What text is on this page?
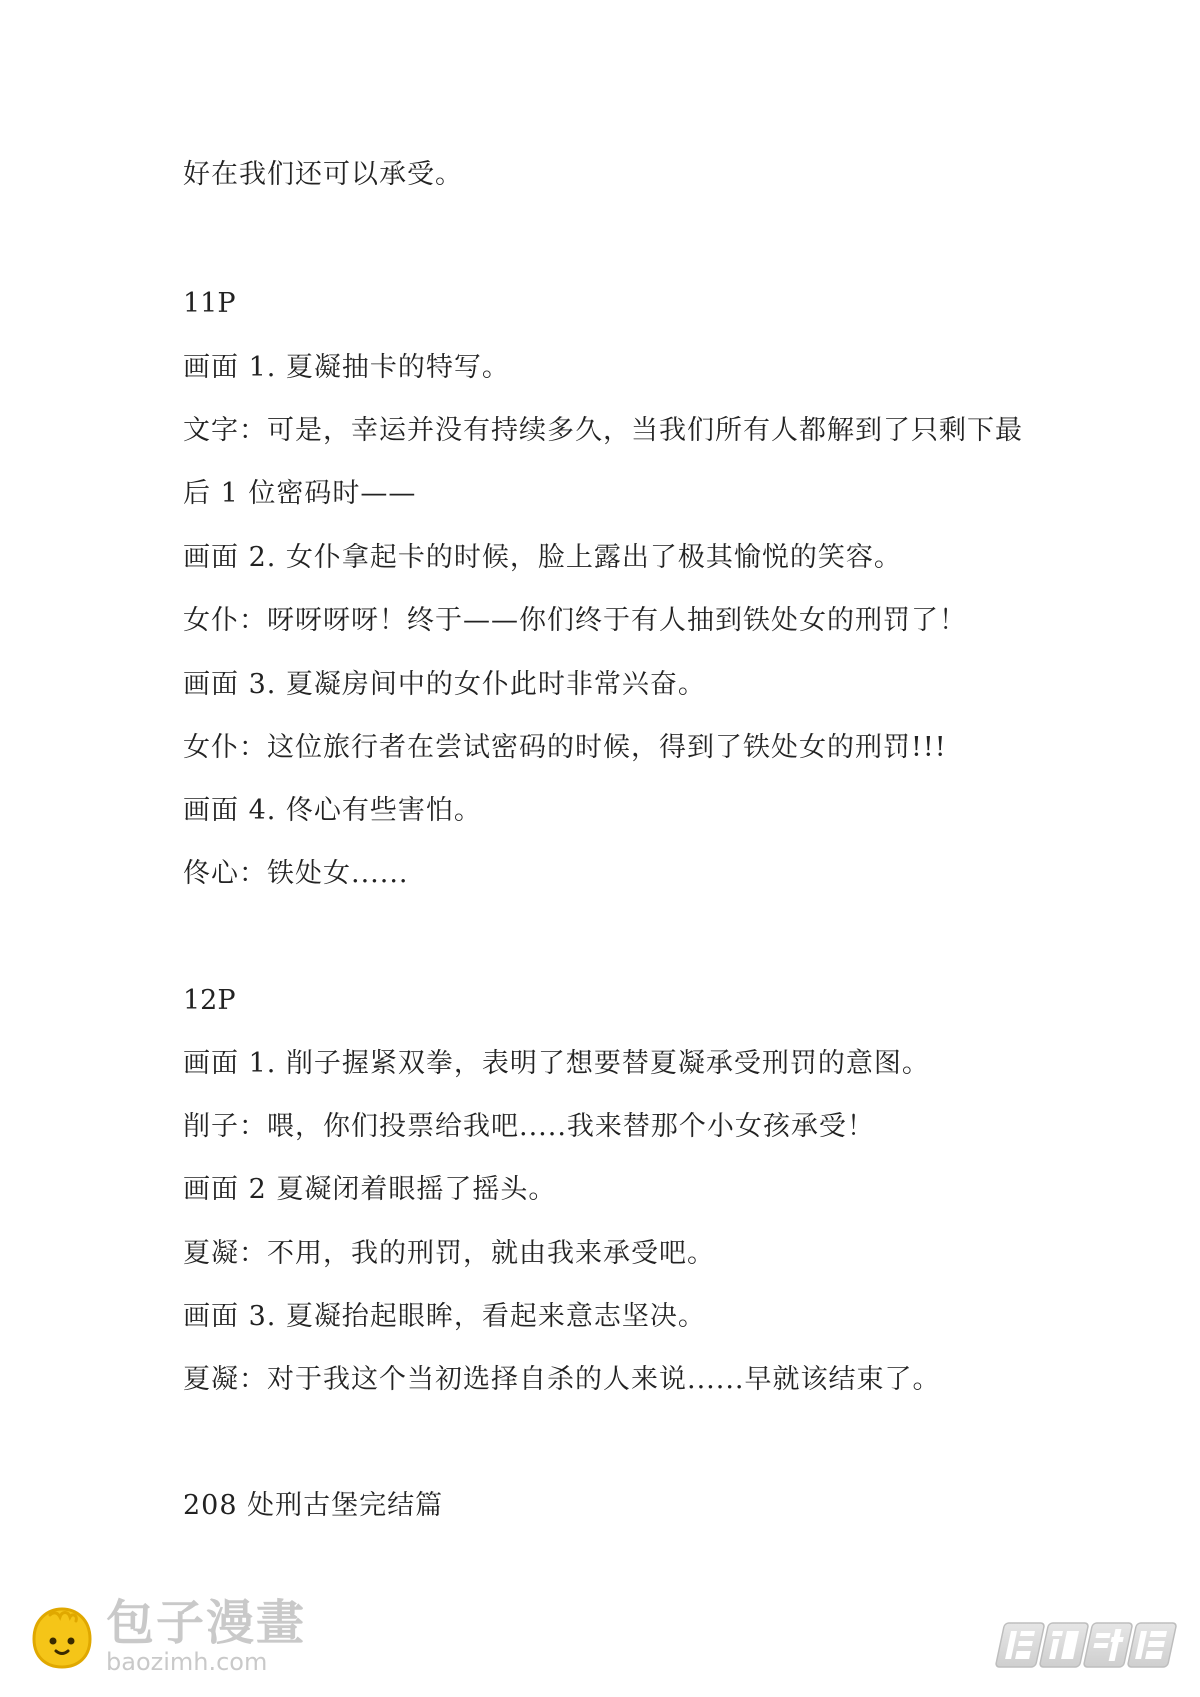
好在我们还可以承受。
11P
画面 1. 夏凝抽卡的特写。
文字：可是，幸运并没有持续多久，当我们所有人都解到了只剩下最
后 1 位密码时——
画面 2. 女仆拿起卡的时候，脸上露出了极其愉悦的笑容。
女仆：呀呀呀呀！终于——你们终于有人抽到铁处女的刑罚了！
画面 3. 夏凝房间中的女仆此时非常兴奋。
女仆：这位旅行者在尝试密码的时候，得到了铁处女的刑罚!!!
画面 4. 佟心有些害怕。
佟心：铁处女......
12P
画面 1. 削子握紧双拳，表明了想要替夏凝承受刑罚的意图。
削子：喂，你们投票给我吧.....我来替那个小女孩承受！
画面 2 夏凝闭着眼摇了摇头。
夏凝：不用，我的刑罚，就由我来承受吧。
画面 3. 夏凝抬起眼眸，看起来意志坚决。
夏凝：对于我这个当初选择自杀的人来说......早就该结束了。
208 处刑古堡完结篇
包子漫畫
baozimh.com
